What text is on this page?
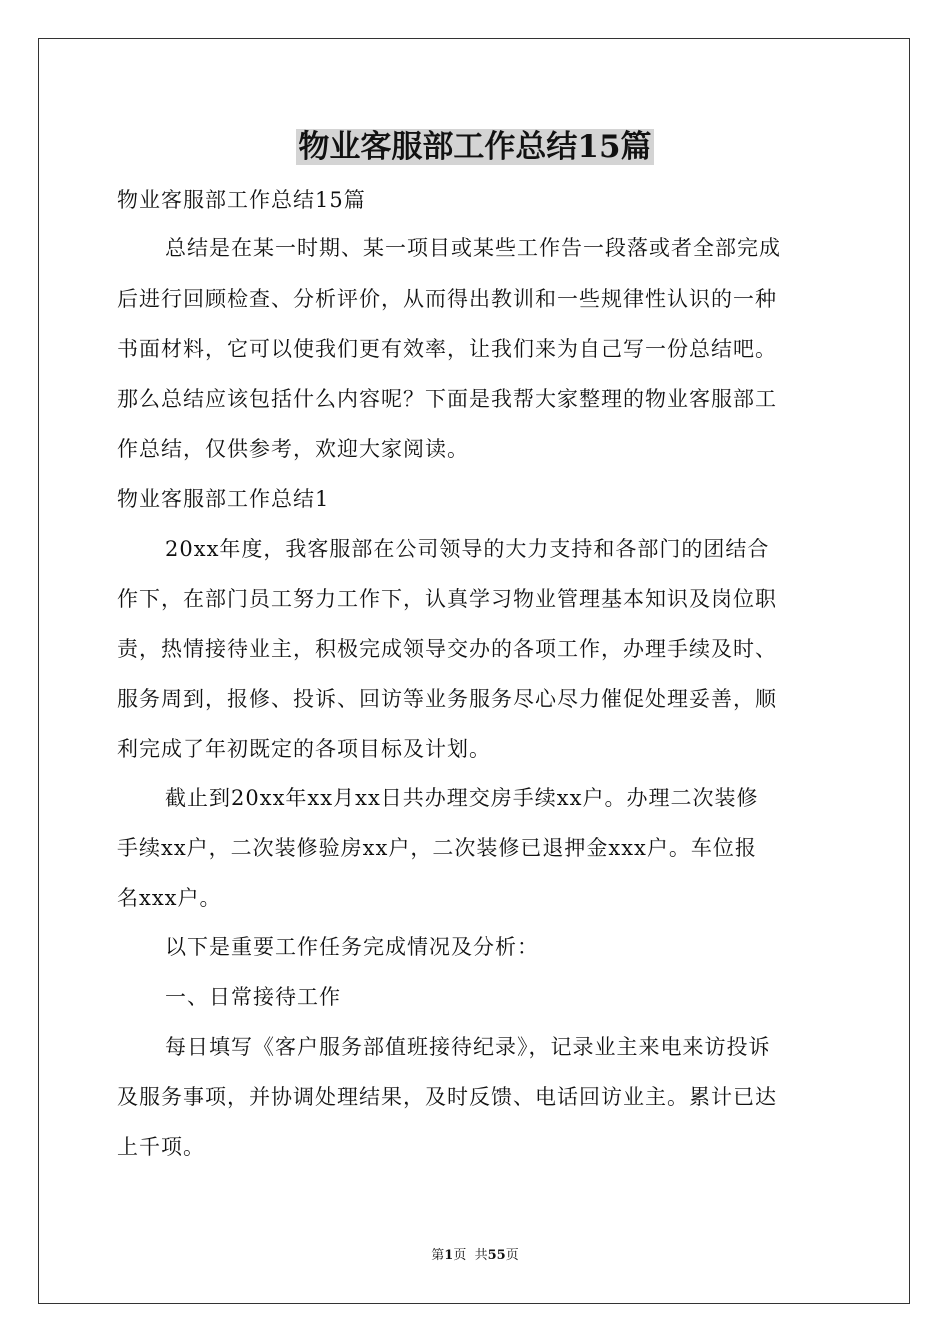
物业客服部工作总结15篇
物业客服部工作总结15篇
总结是在某一时期、某一项目或某些工作告一段落或者全部完成
后进行回顾检查、分析评价，从而得出教训和一些规律性认识的一种
书面材料，它可以使我们更有效率，让我们来为自己写一份总结吧。
那么总结应该包括什么内容呢？下面是我帮大家整理的物业客服部工
作总结，仅供参考，欢迎大家阅读。
物业客服部工作总结1
20xx年度，我客服部在公司领导的大力支持和各部门的团结合
作下，在部门员工努力工作下，认真学习物业管理基本知识及岗位职
责，热情接待业主，积极完成领导交办的各项工作，办理手续及时、
服务周到，报修、投诉、回访等业务服务尽心尽力催促处理妥善，顺
利完成了年初既定的各项目标及计划。
截止到20xx年xx月xx日共办理交房手续xx户。办理二次装修
手续xx户，二次装修验房xx户，二次装修已退押金xxx户。车位报
名xxx户。
以下是重要工作任务完成情况及分析：
一、日常接待工作
每日填写《客户服务部值班接待纪录》，记录业主来电来访投诉
及服务事项，并协调处理结果，及时反馈、电话回访业主。累计已达
上千项。
第1页  共55页
